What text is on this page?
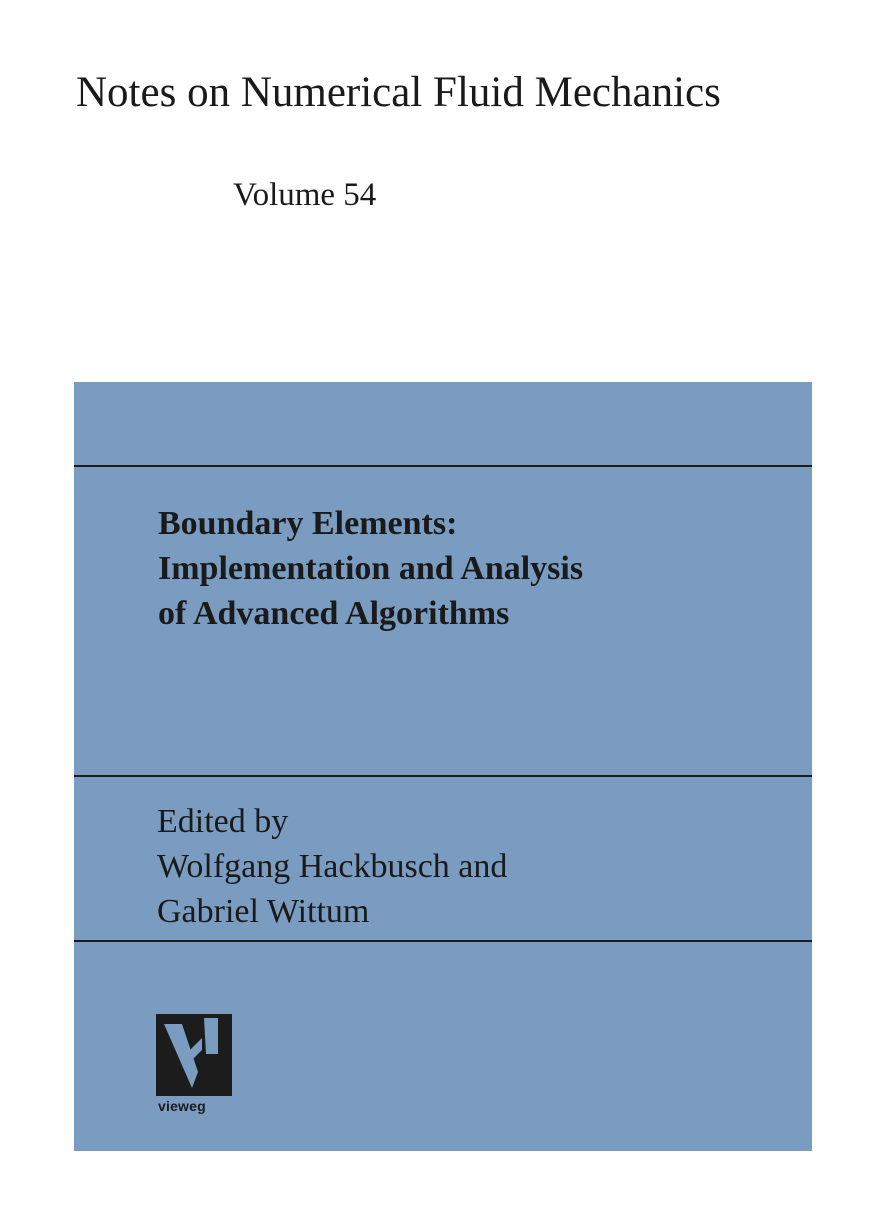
Notes on Numerical Fluid Mechanics
Volume 54
Boundary Elements:
Implementation and Analysis
of Advanced Algorithms
Edited by
Wolfgang Hackbusch and
Gabriel Wittum
vieweg
